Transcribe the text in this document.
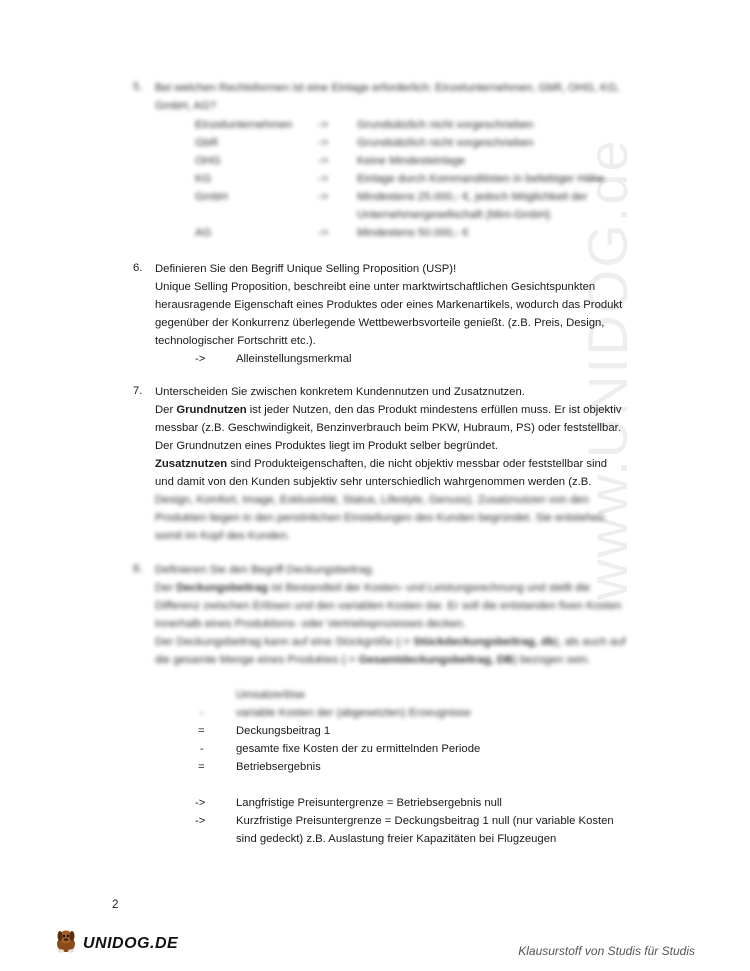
www.UNIDOG.de
5. Bei welchen Rechtsformen ist eine Einlage erforderlich: Einzelunternehmen, GbR, OHG, KG,
GmbH, AG?
Einzelunternehmen ->	Grundsätzlich nicht vorgeschrieben
GbR	->	Grundsätzlich nicht vorgeschrieben
OHG	->	Keine Mindesteinlage
KG	->	Einlage durch Kommanditisten in beliebiger Höhe
GmbH	->	Mindestens 25.000,- €, jedoch Möglichkeit der
Unternehmergesellschaft (Mini-GmbH)
AG	->	Mindestens 50.000,- €
6. Definieren Sie den Begriff Unique Selling Proposition (USP)!
Unique Selling Proposition, beschreibt eine unter marktwirtschaftlichen Gesichtspunkten
herausragende Eigenschaft eines Produktes oder eines Markenartikels, wodurch das Produkt
gegenüber der Konkurrenz überlegende Wettbewerbsvorteile genießt. (z.B. Preis, Design,
technologischer Fortschritt etc.).
->	Alleinstellungsmerkmal
7. Unterscheiden Sie zwischen konkretem Kundennutzen und Zusatznutzen.
Der Grundnutzen ist jeder Nutzen, den das Produkt mindestens erfüllen muss. Er ist objektiv
messbar (z.B. Geschwindigkeit, Benzinverbrauch beim PKW, Hubraum, PS) oder feststellbar.
Der Grundnutzen eines Produktes liegt im Produkt selber begründet.
Zusatznutzen sind Produkteigenschaften, die nicht objektiv messbar oder feststellbar sind
und damit von den Kunden subjektiv sehr unterschiedlich wahrgenommen werden (z.B.
Design, Komfort, Image, Exklusivität, Status, Lifestyle, Genuss). Zusatznutzen von den
Produkten liegen in den persönlichen Einstellungen des Kunden begründet. Sie entstehen
somit im Kopf des Kunden.
8. Definieren Sie den Begriff Deckungsbeitrag.
Der Deckungsbeitrag ist Bestandteil der Kosten- und Leistungsrechnung und stellt die
Differenz zwischen Erlösen und den variablen Kosten dar. Er soll die entstanden fixen Kosten
innerhalb eines Produktions- oder Vertriebsprozesses decken.
Der Deckungsbeitrag kann auf eine Stückgröße (-> Stückdeckungsbeitrag, db), als auch auf
die gesamte Menge eines Produktes (-> Gesamtdeckungsbeitrag, DB) bezogen sein.
Umsatzerlöse
-	variable Kosten der (abgesetzten) Erzeugnisse
=	Deckungsbeitrag 1
-	gesamte fixe Kosten der zu ermittelnden Periode
=	Betriebsergebnis
->	Langfristige Preisuntergrenze = Betriebsergebnis null
->	Kurzfristige Preisuntergrenze = Deckungsbeitrag 1 null (nur variable Kosten
sind gedeckt) z.B. Auslastung freier Kapazitäten bei Flugzeugen
2
UNIDOG.DE	Klausurstoff von Studis für Studis
